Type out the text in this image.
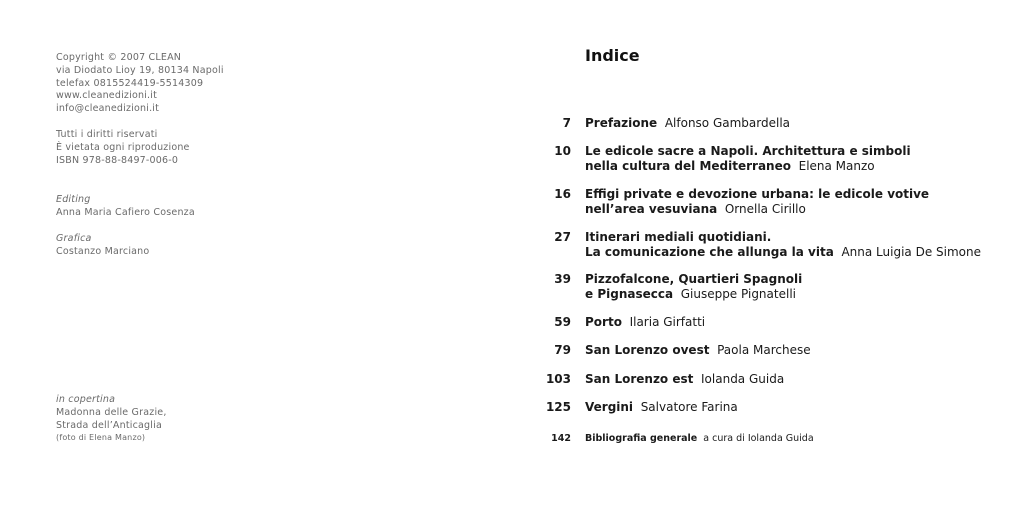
Copyright © 2007 CLEAN
via Diodato Lioy 19, 80134 Napoli
telefax 0815524419-5514309
www.cleanedizioni.it
info@cleanedizioni.it
Tutti i diritti riservati
È vietata ogni riproduzione
ISBN 978-88-8497-006-0
Editing
Anna Maria Cafiero Cosenza
Grafica
Costanzo Marciano
in copertina
Madonna delle Grazie,
Strada dell’Anticaglia
(foto di Elena Manzo)
Indice
7 Prefazione Alfonso Gambardella
10 Le edicole sacre a Napoli. Architettura e simboli
nella cultura del Mediterraneo Elena Manzo
16 Effigi private e devozione urbana: le edicole votive
nell’area vesuviana Ornella Cirillo
27 Itinerari mediali quotidiani.
La comunicazione che allunga la vita Anna Luigia De Simone
39 Pizzofalcone, Quartieri Spagnoli
e Pignasecca Giuseppe Pignatelli
59 Porto Ilaria Girfatti
79 San Lorenzo ovest Paola Marchese
103 San Lorenzo est Iolanda Guida
125 Vergini Salvatore Farina
142 Bibliografia generale a cura di Iolanda Guida
